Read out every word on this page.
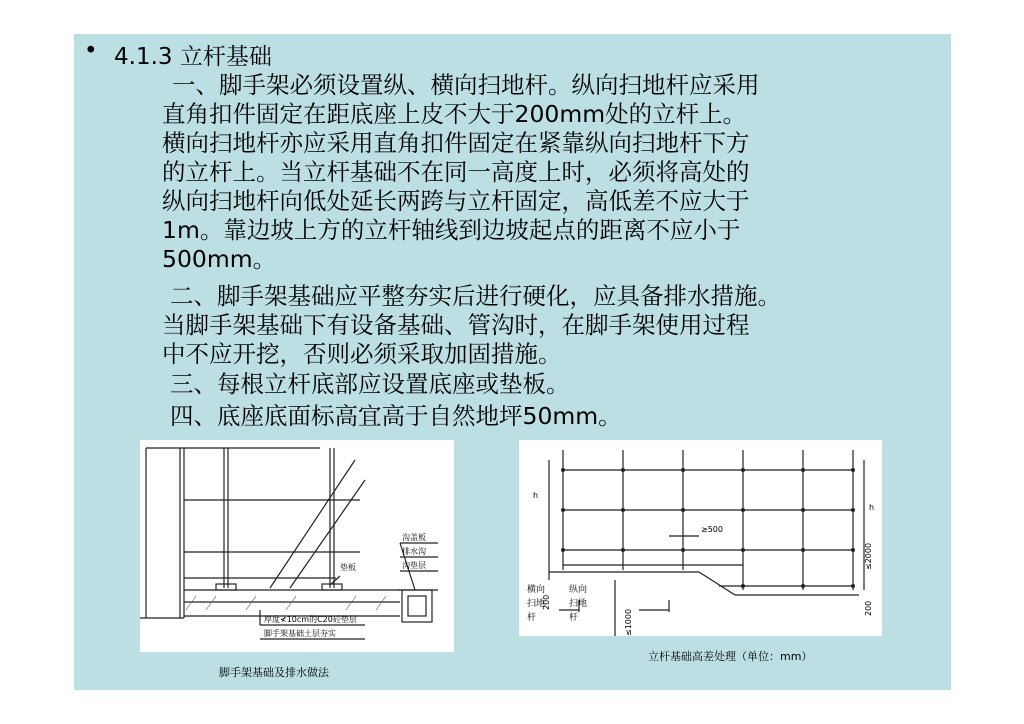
• 4.1.3 立杆基础
一、脚手架必须设置纵、横向扫地杆。纵向扫地杆应采用
直角扣件固定在距底座上皮不大于200mm处的立杆上。
横向扫地杆亦应采用直角扣件固定在紧靠纵向扫地杆下方
的立杆上。当立杆基础不在同一高度上时，必须将高处的
纵向扫地杆向低处延长两跨与立杆固定，高低差不应大于
1m。靠边坡上方的立杆轴线到边坡起点的距离不应小于
500mm。
二、脚手架基础应平整夯实后进行硬化，应具备排水措施。
当脚手架基础下有设备基础、管沟时，在脚手架使用过程
中不应开挖，否则必须采取加固措施。
三、每根立杆底部应设置底座或垫板。
四、底座底面标高宜高于自然地坪50mm。
沟盖板
排水沟
沟垫层
垫板
厚度≮10cm的C20砼垫层
脚手架基础土层夯实
≥500
h
h
200
≤1000
≤2000
200
横向
扫地
杆
纵向
扫地
杆
脚手架基础及排水做法
立杆基础高差处理（单位：mm）
